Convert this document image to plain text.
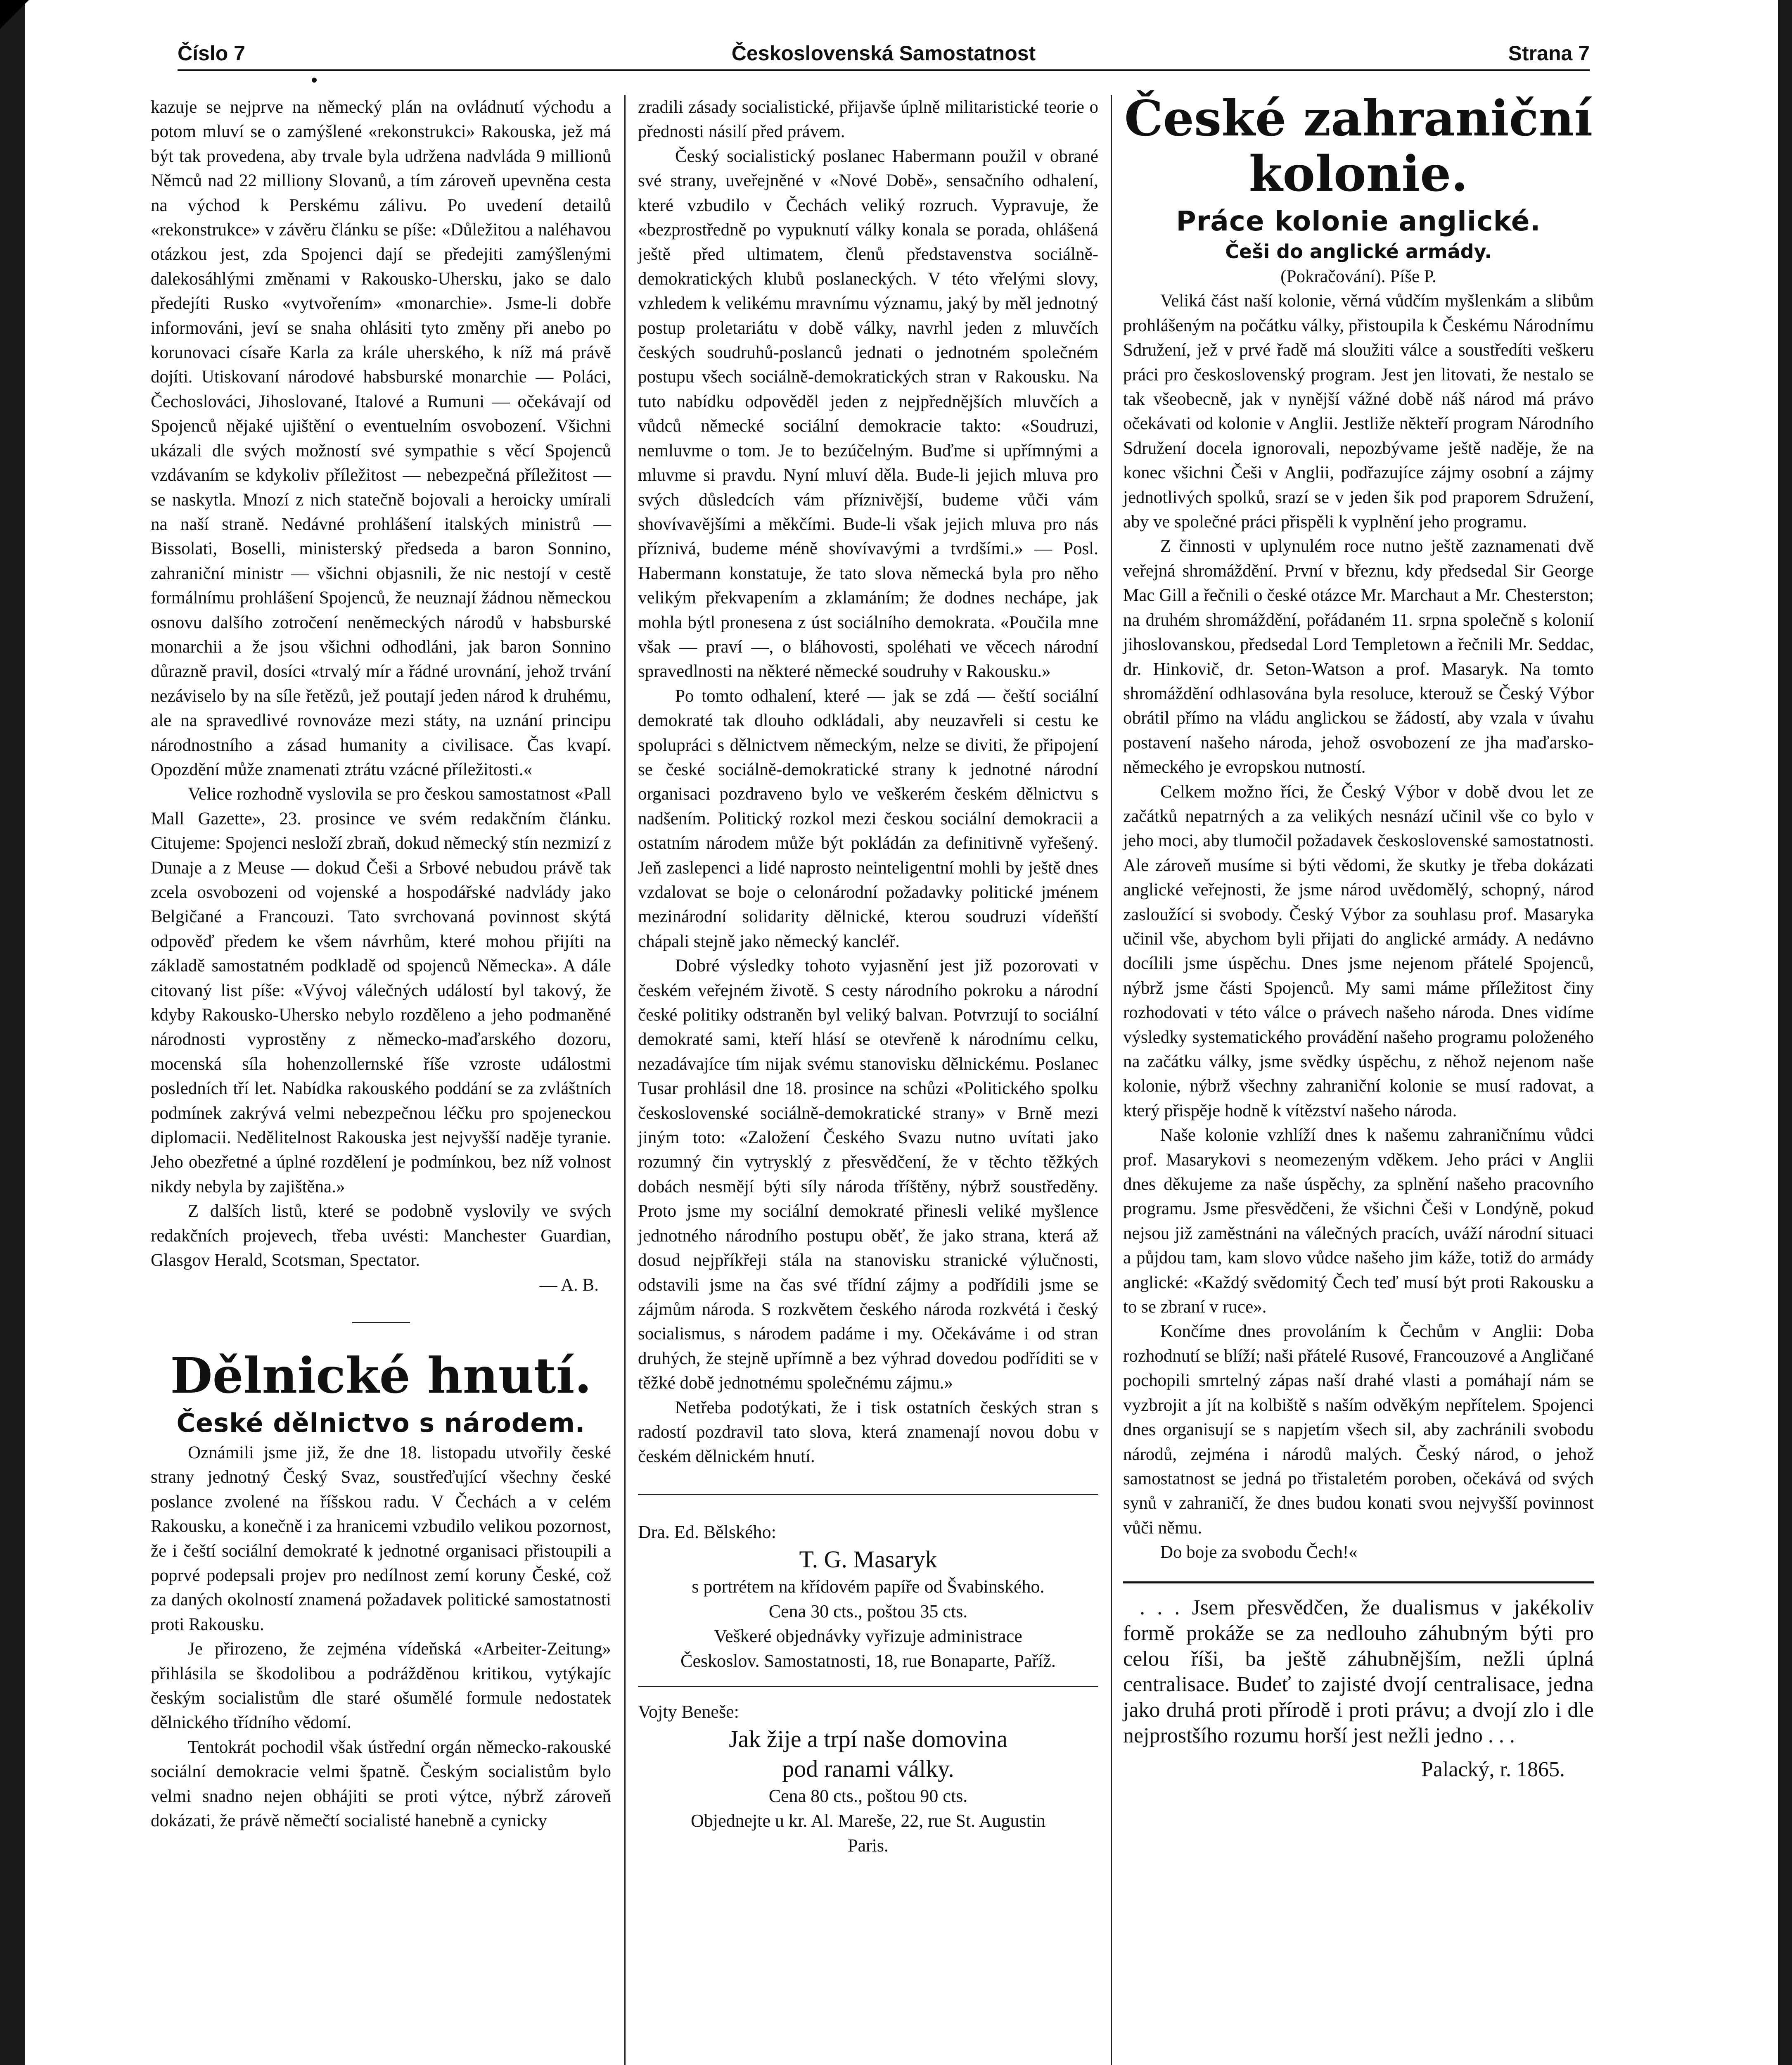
Číslo 7	Československá Samostatnost	Strana 7

kazuje se nejprve na německý plán na ovládnutí východu a potom mluví se o zamýšlené «rekonstrukci» Rakouska, jež má být tak provedena, aby trvale byla udržena nadvláda 9 millionů Němců nad 22 milliony Slovanů, a tím zároveň upevněna cesta na východ k Perskému zálivu. Po uvedení detailů «rekonstrukce» v závěru článku se píše: «Důležitou a naléhavou otázkou jest, zda Spojenci dají se předejiti zamýšlenými dalekosáhlými změnami v Rakousko-Uhersku, jako se dalo předejíti Rusko «vytvořením» «monarchie». Jsme-li dobře informováni, jeví se snaha ohlásiti tyto změny při anebo po korunovaci císaře Karla za krále uherského, k níž má právě dojíti. Utiskovaní národové habsburské monarchie — Poláci, Čechoslováci, Jihoslované, Italové a Rumuni — očekávají od Spojenců nějaké ujištění o eventuelním osvobození. Všichni ukázali dle svých možností své sympathie s věcí Spojenců vzdávaním se kdykoliv příležitost — nebezpečná příležitost — se naskytla. Mnozí z nich statečně bojovali a heroicky umírali na naší straně. Nedávné prohlášení italských ministrů — Bissolati, Boselli, ministerský předseda a baron Sonnino, zahraniční ministr — všichni objasnili, že nic nestojí v cestě formálnímu prohlášení Spojenců, že neuznají žádnou německou osnovu dalšího zotročení neněmeckých národů v habsburské monarchii a že jsou všichni odhodláni, jak baron Sonnino důrazně pravil, dosíci «trvalý mír a řádné urovnání, jehož trvání nezáviselo by na síle řetězů, jež poutají jeden národ k druhému, ale na spravedlivé rovnováze mezi státy, na uznání principu národnostního a zásad humanity a civilisace. Čas kvapí. Opozdění může znamenati ztrátu vzácné příležitosti.«

Velice rozhodně vyslovila se pro českou samostatnost «Pall Mall Gazette», 23. prosince ve svém redakčním článku. Citujeme: Spojenci nesloží zbraň, dokud německý stín nezmizí z Dunaje a z Meuse — dokud Češi a Srbové nebudou právě tak zcela osvobozeni od vojenské a hospodářské nadvlády jako Belgičané a Francouzi. Tato svrchovaná povinnost skýtá odpověď předem ke všem návrhům, které mohou přijíti na základě samostatném podkladě od spojenců Německa». A dále citovaný list píše: «Vývoj válečných událostí byl takový, že kdyby Rakousko-Uhersko nebylo rozděleno a jeho podmaněné národnosti vyprostěny z německo-maďarského dozoru, mocenská síla hohenzollernské říše vzroste událostmi posledních tří let. Nabídka rakouského poddání se za zvláštních podmínek zakrývá velmi nebezpečnou léčku pro spojeneckou diplomacii. Nedělitelnost Rakouska jest nejvyšší naděje tyranie. Jeho obezřetné a úplné rozdělení je podmínkou, bez níž volnost nikdy nebyla by zajištěna.»

Z dalších listů, které se podobně vyslovily ve svých redakčních projevech, třeba uvésti: Manchester Guardian, Glasgov Herald, Scotsman, Spectator.

— A. B.

Dělnické hnutí.
České dělnictvo s národem.

Oznámili jsme již, že dne 18. listopadu utvořily české strany jednotný Český Svaz, soustřeďující všechny české poslance zvolené na říšskou radu. V Čechách a v celém Rakousku, a konečně i za hranicemi vzbudilo velikou pozornost, že i čeští sociální demokraté k jednotné organisaci přistoupili a poprvé podepsali projev pro nedílnost zemí koruny České, což za daných okolností znamená požadavek politické samostatnosti proti Rakousku.

Je přirozeno, že zejména vídeňská «Arbeiter-Zeitung» přihlásila se škodolibou a podrážděnou kritikou, vytýkajíc českým socialistům dle staré ošumělé formule nedostatek dělnického třídního vědomí.

Tentokrát pochodil však ústřední orgán německo-rakouské sociální demokracie velmi špatně. Českým socialistům bylo velmi snadno nejen obhájiti se proti výtce, nýbrž zároveň dokázati, že právě němečtí socialisté hanebně a cynicky

zradili zásady socialistické, přijavše úplně militaristické teorie o přednosti násilí před právem.

Český socialistický poslanec Habermann použil v obrané své strany, uveřejněné v «Nové Době», sensačního odhalení, které vzbudilo v Čechách veliký rozruch. Vypravuje, že «bezprostředně po vypuknutí války konala se porada, ohlášená ještě před ultimatem, členů představenstva sociálně-demokratických klubů poslaneckých. V této vřelými slovy, vzhledem k velikému mravnímu významu, jaký by měl jednotný postup proletariátu v době války, navrhl jeden z mluvčích českých soudruhů-poslanců jednati o jednotném společném postupu všech sociálně-demokratických stran v Rakousku. Na tuto nabídku odpověděl jeden z nejpřednějších mluvčích a vůdců německé sociální demokracie takto: «Soudruzi, nemluvme o tom. Je to bezúčelným. Buďme si upřímnými a mluvme si pravdu. Nyní mluví děla. Bude-li jejich mluva pro svých důsledcích vám příznivější, budeme vůči vám shovívavějšími a měkčími. Bude-li však jejich mluva pro nás příznivá, budeme méně shovívavými a tvrdšími.» — Posl. Habermann konstatuje, že tato slova německá byla pro něho velikým překvapením a zklamáním; že dodnes nechápe, jak mohla býtl pronesena z úst sociálního demokrata. «Poučila mne však — praví —, o bláhovosti, spoléhati ve věcech národní spravedlnosti na některé německé soudruhy v Rakousku.»

Po tomto odhalení, které — jak se zdá — čeští sociální demokraté tak dlouho odkládali, aby neuzavřeli si cestu ke spolupráci s dělnictvem německým, nelze se diviti, že připojení se české sociálně-demokratické strany k jednotné národní organisaci pozdraveno bylo ve veškerém českém dělnictvu s nadšením. Politický rozkol mezi českou sociální demokracii a ostatním národem může být pokládán za definitivně vyřešený. Jeň zaslepenci a lidé naprosto neinteligentní mohli by ještě dnes vzdalovat se boje o celonárodní požadavky politické jménem mezinárodní solidarity dělnické, kterou soudruzi vídeňští chápali stejně jako německý kancléř.

Dobré výsledky tohoto vyjasnění jest již pozorovati v českém veřejném životě. S cesty národního pokroku a národní české politiky odstraněn byl veliký balvan. Potvrzují to sociální demokraté sami, kteří hlásí se otevřeně k národnímu celku, nezadávajíce tím nijak svému stanovisku dělnickému. Poslanec Tusar prohlásil dne 18. prosince na schůzi «Politického spolku československé sociálně-demokratické strany» v Brně mezi jiným toto: «Založení Českého Svazu nutno uvítati jako rozumný čin vytrysklý z přesvědčení, že v těchto těžkých dobách nesmějí býti síly národa tříštěny, nýbrž soustředěny. Proto jsme my sociální demokraté přinesli veliké myšlence jednotného národního postupu oběť, že jako strana, která až dosud nejpříkřeji stála na stanovisku stranické výlučnosti, odstavili jsme na čas své třídní zájmy a podřídili jsme se zájmům národa. S rozkvětem českého národa rozkvétá i český socialismus, s národem padáme i my. Očekáváme i od stran druhých, že stejně upřímně a bez výhrad dovedou podříditi se v těžké době jednotnému společnému zájmu.»

Netřeba podotýkati, že i tisk ostatních českých stran s radostí pozdravil tato slova, která znamenají novou dobu v českém dělnickém hnutí.

Dra. Ed. Bělského:

T. G. Masaryk

s portrétem na křídovém papíře od Švabinského.

Cena 30 cts., poštou 35 cts.

Veškeré objednávky vyřizuje administrace

Českoslov. Samostatnosti, 18, rue Bonaparte, Paříž.

Vojty Beneše:

Jak žije a trpí naše domovina

pod ranami války.

Cena 80 cts., poštou 90 cts.

Objednejte u kr. Al. Mareše, 22, rue St. Augustin

Paris.

České zahraniční kolonie.
Práce kolonie anglické.
Češi do anglické armády.

(Pokračování). Píše P.

Veliká část naší kolonie, věrná vůdčím myšlenkám a slibům prohlášeným na počátku války, přistoupila k Českému Národnímu Sdružení, jež v prvé řadě má sloužiti válce a soustředíti veškeru práci pro československý program. Jest jen litovati, že nestalo se tak všeobecně, jak v nynější vážné době náš národ má právo očekávati od kolonie v Anglii. Jestliže někteří program Národního Sdružení docela ignorovali, nepozbývame ještě naděje, že na konec všichni Češi v Anglii, podřazujíce zájmy osobní a zájmy jednotlivých spolků, srazí se v jeden šik pod praporem Sdružení, aby ve společné práci přispěli k vyplnění jeho programu.

Z činnosti v uplynulém roce nutno ještě zaznamenati dvě veřejná shromáždění. První v březnu, kdy předsedal Sir George Mac Gill a řečnili o české otázce Mr. Marchaut a Mr. Chesterston; na druhém shromáždění, pořádaném 11. srpna společně s kolonií jihoslovanskou, předsedal Lord Templetown a řečnili Mr. Seddac, dr. Hinkovič, dr. Seton-Watson a prof. Masaryk. Na tomto shromáždění odhlasována byla resoluce, kterouž se Český Výbor obrátil přímo na vládu anglickou se žádostí, aby vzala v úvahu postavení našeho národa, jehož osvobození ze jha maďarsko-německého je evropskou nutností.

Celkem možno říci, že Český Výbor v době dvou let ze začátků nepatrných a za velikých nesnází učinil vše co bylo v jeho moci, aby tlumočil požadavek československé samostatnosti. Ale zároveň musíme si býti vědomi, že skutky je třeba dokázati anglické veřejnosti, že jsme národ uvědomělý, schopný, národ zasloužící si svobody. Český Výbor za souhlasu prof. Masaryka učinil vše, abychom byli přijati do anglické armády. A nedávno docílili jsme úspěchu. Dnes jsme nejenom přátelé Spojenců, nýbrž jsme části Spojenců. My sami máme příležitost činy rozhodovati v této válce o právech našeho národa. Dnes vidíme výsledky systematického provádění našeho programu položeného na začátku války, jsme svědky úspěchu, z něhož nejenom naše kolonie, nýbrž všechny zahraniční kolonie se musí radovat, a který přispěje hodně k vítězství našeho národa.

Naše kolonie vzhlíží dnes k našemu zahraničnímu vůdci prof. Masarykovi s neomezeným vděkem. Jeho práci v Anglii dnes děkujeme za naše úspěchy, za splnění našeho pracovního programu. Jsme přesvědčeni, že všichni Češi v Londýně, pokud nejsou již zaměstnáni na válečných pracích, uváží národní situaci a půjdou tam, kam slovo vůdce našeho jim káže, totiž do armády anglické: «Každý svědomitý Čech teď musí být proti Rakousku a to se zbraní v ruce».

Končíme dnes provoláním k Čechům v Anglii: Doba rozhodnutí se blíží; naši přátelé Rusové, Francouzové a Angličané pochopili smrtelný zápas naší drahé vlasti a pomáhají nám se vyzbrojit a jít na kolbiště s naším odvěkým nepřítelem. Spojenci dnes organisují se s napjetím všech sil, aby zachránili svobodu národů, zejména i národů malých. Český národ, o jehož samostatnost se jedná po třistaletém poroben, očekává od svých synů v zahraničí, že dnes budou konati svou nejvyšší povinnost vůči němu.

Do boje za svobodu Čech!«

. . . Jsem přesvědčen, že dualismus v jakékoliv formě prokáže se za nedlouho záhubným býti pro celou říši, ba ještě záhubnějším, nežli úplná centralisace. Budeť to zajisté dvojí centralisace, jedna jako druhá proti přírodě i proti právu; a dvojí zlo i dle nejprostšího rozumu horší jest nežli jedno . . .

Palacký, r. 1865.
